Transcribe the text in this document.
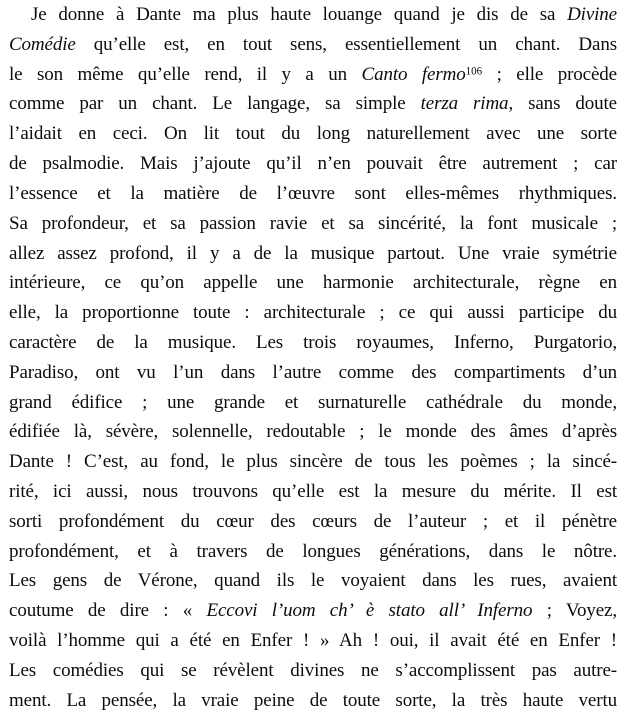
Je donne à Dante ma plus haute louange quand je dis de sa Divine
Comédie qu’elle est, en tout sens, essentiellement un chant. Dans
le son même qu’elle rend, il y a un Canto fermo$^{106}$ ; elle procède
comme par un chant. Le langage, sa simple terza rima, sans doute
l’aidait en ceci. On lit tout du long naturellement avec une sorte
de psalmodie. Mais j’ajoute qu’il n’en pouvait être autrement ; car
l’essence et la matière de l’œuvre sont elles-mêmes rhythmiques.
Sa profondeur, et sa passion ravie et sa sincérité, la font musicale ;
allez assez profond, il y a de la musique partout. Une vraie symétrie
intérieure, ce qu’on appelle une harmonie architecturale, règne en
elle, la proportionne toute : architecturale ; ce qui aussi participe du
caractère de la musique. Les trois royaumes, Inferno, Purgatorio,
Paradiso, ont vu l’un dans l’autre comme des compartiments d’un
grand édifice ; une grande et surnaturelle cathédrale du monde,
édifiée là, sévère, solennelle, redoutable ; le monde des âmes d’après
Dante ! C’est, au fond, le plus sincère de tous les poèmes ; la sincé-
rité, ici aussi, nous trouvons qu’elle est la mesure du mérite. Il est
sorti profondément du cœur des cœurs de l’auteur ; et il pénètre
profondément, et à travers de longues générations, dans le nôtre.
Les gens de Vérone, quand ils le voyaient dans les rues, avaient
coutume de dire : « Eccovi l’uom ch’ è stato all’ Inferno ; Voyez,
voilà l’homme qui a été en Enfer ! » Ah ! oui, il avait été en Enfer !
Les comédies qui se révèlent divines ne s’accomplissent pas autre-
ment. La pensée, la vraie peine de toute sorte, la très haute vertu
